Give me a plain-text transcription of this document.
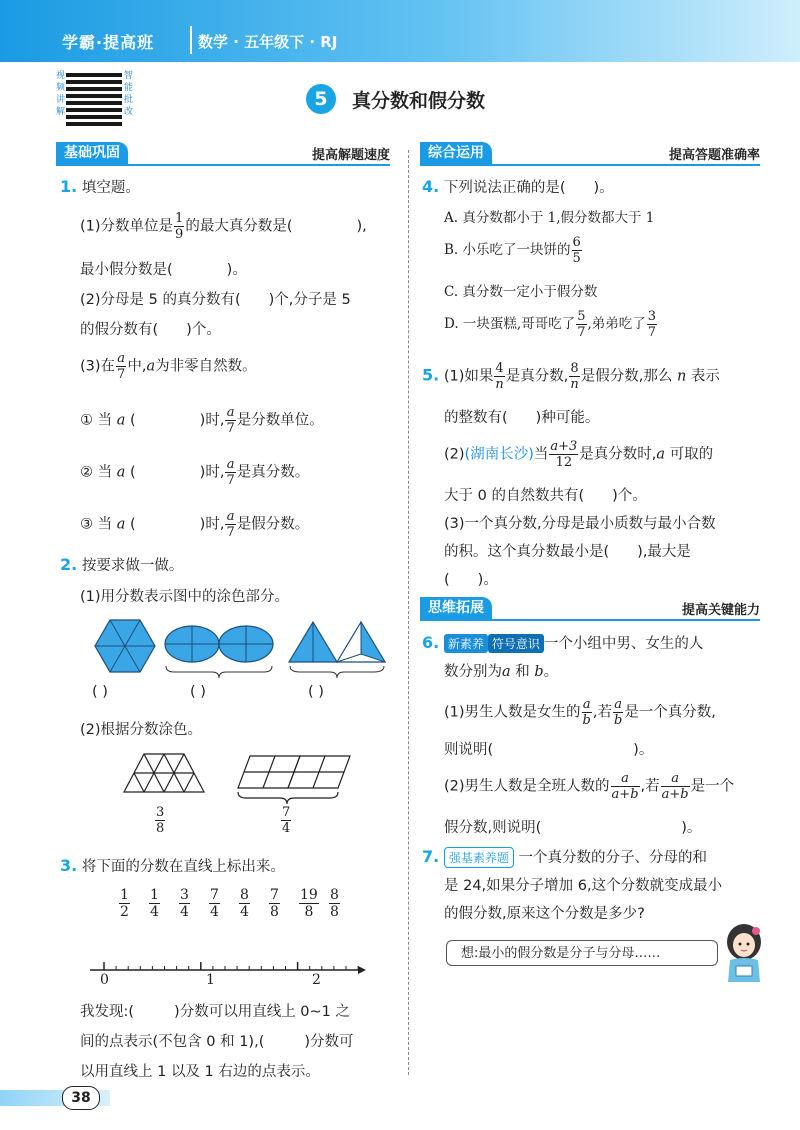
学霸·提高班	数学 · 五年级下 · RJ
视频讲解
智能批改
5	真分数和假分数
基础巩固	提高解题速度	综合运用	提高答题准确率
思维拓展	提高关键能力
1. 填空题。
(1)分数单位是 $\frac{1}{9}$ 的最大真分数是(	),
最小假分数是(	)。
(2)分母是 5 的真分数有( )个,分子是 5
的假分数有( )个。
(3)在 $\frac{a}{7}$ 中,a为非零自然数。
① 当 a (	)时, $\frac{a}{7}$ 是分数单位。
② 当 a (	)时, $\frac{a}{7}$ 是真分数。
③ 当 a (	)时, $\frac{a}{7}$ 是假分数。
2. 按要求做一做。
(1)用分数表示图中的涂色部分。
( )	( )	( )
(2)根据分数涂色。
$\frac{3}{8}$	$\frac{7}{4}$
3. 将下面的分数在直线上标出来。
$\frac{1}{2} \frac{1}{4} \frac{3}{4} \frac{7}{4} \frac{8}{4} \frac{7}{8} \frac{19}{8} \frac{8}{8}$
0	1	2
我发现:(	)分数可以用直线上 0~1 之
间的点表示(不包含 0 和 1),(	)分数可
以用直线上 1 以及 1 右边的点表示。
4. 下列说法正确的是( )。
A. 真分数都小于 1,假分数都大于 1
B. 小乐吃了一块饼的 $\frac{6}{5}$
C. 真分数一定小于假分数
D. 一块蛋糕,哥哥吃了 $\frac{5}{7}$ ,弟弟吃了 $\frac{3}{7}$
5. (1)如果 $\frac{4}{n}$ 是真分数, $\frac{8}{n}$ 是假分数,那么 n 表示
的整数有( )种可能。
(2)(湖南长沙)当 $\frac{a+3}{12}$ 是真分数时,a 可取的
大于 0 的自然数共有( )个。
(3)一个真分数,分母是最小质数与最小合数
的积。这个真分数最小是( ),最大是
( )。
6. 新素养 符号意识 一个小组中男、女生的人
数分别为a 和 b。
(1)男生人数是女生的 $\frac{a}{b}$ ,若 $\frac{a}{b}$ 是一个真分数,
则说明(	)。
(2)男生人数是全班人数的 $\frac{a}{a+b}$ ,若 $\frac{a}{a+b}$ 是一个
假分数,则说明(	)。
7. 强基素养题 一个真分数的分子、分母的和
是 24,如果分子增加 6,这个分数就变成最小
的假分数,原来这个分数是多少?
想:最小的假分数是分子与分母……
38
